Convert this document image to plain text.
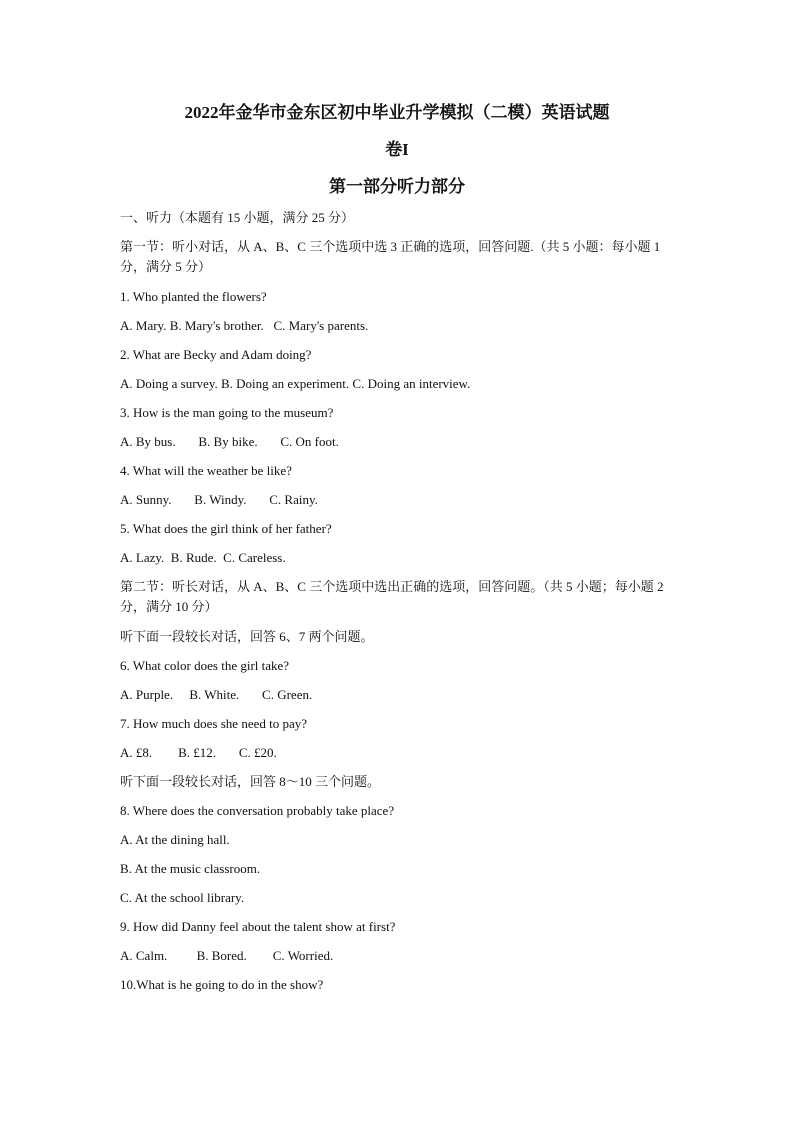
2022年金华市金东区初中毕业升学模拟（二模）英语试题
卷I
第一部分听力部分

一、听力（本题有 15 小题，满分 25 分）

第一节：听小对话，从 A、B、C 三个选项中选 3 正确的选项，回答问题.（共 5 小题：每小题 1 分，满分 5 分）

1. Who planted the flowers?

A. Mary. B. Mary's brother. C. Mary's parents.

2. What are Becky and Adam doing?

A. Doing a survey. B. Doing an experiment. C. Doing an interview.

3. How is the man going to the museum?

A. By bus. B. By bike. C. On foot.

4. What will the weather be like?

A. Sunny. B. Windy. C. Rainy.

5. What does the girl think of her father?

A. Lazy. B. Rude. C. Careless.

第二节：听长对话，从 A、B、C 三个选项中选出正确的选项，回答问题。（共 5 小题；每小题 2 分，满分 10 分）

听下面一段较长对话，回答 6、7 两个问题。

6. What color does the girl take?

A. Purple. B. White. C. Green.

7. How much does she need to pay?

A. £8. B. £12. C. £20.

听下面一段较长对话，回答 8～10 三个问题。

8. Where does the conversation probably take place?

A. At the dining hall.

B. At the music classroom.

C. At the school library.

9. How did Danny feel about the talent show at first?

A. Calm. B. Bored. C. Worried.

10.What is he going to do in the show?
